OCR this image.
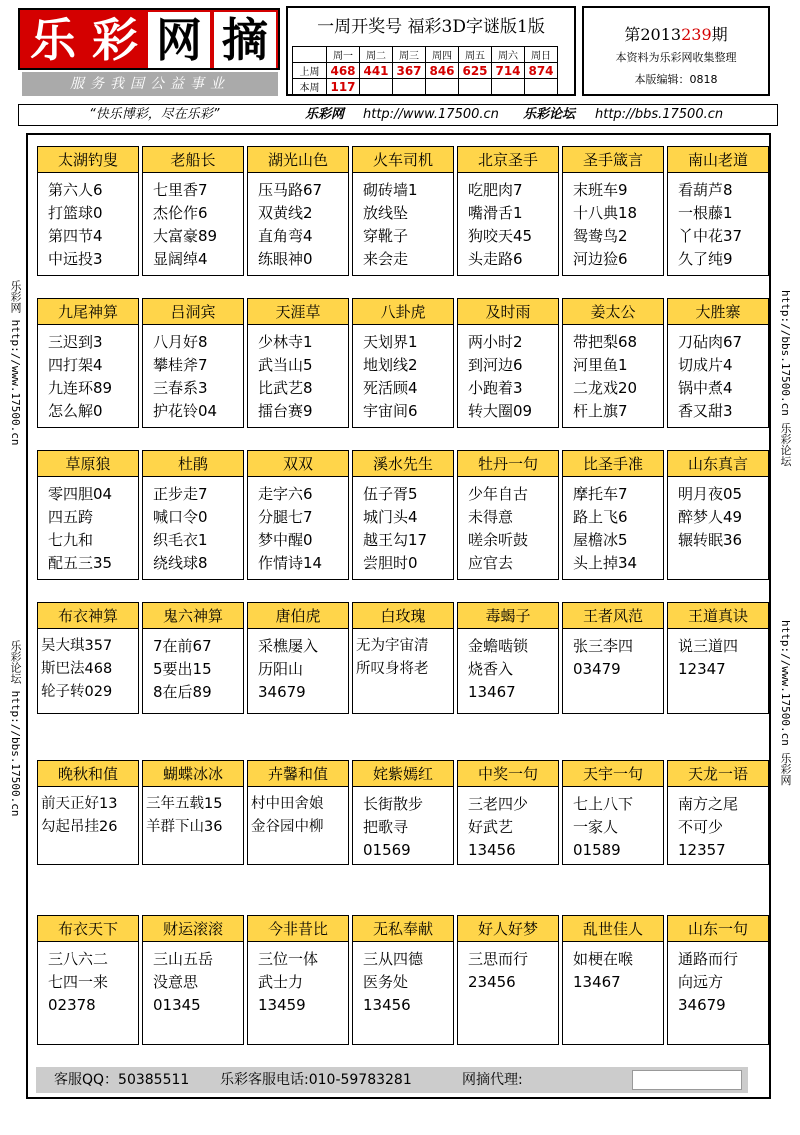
乐 彩 网 摘
服务我国公益事业
一周开奖号 福彩3D字谜版1版
	周一	周二	周三	周四	周五	周六	周日
上周	468	441	367	846	625	714	874
本周	117						
第2013239期
本资料为乐彩网收集整理
本版编辑：0818
“快乐博彩，尽在乐彩”	乐彩网 http://www.17500.cn 乐彩论坛 http://bbs.17500.cn
乐彩网 http://www.17500.cn
乐彩论坛 http://bbs.17500.cn
http://bbs.17500.cn 乐彩论坛
http://www.17500.cn 乐彩网
太湖钓叟
第六人6
打篮球0
第四节4
中远投3
老船长
七里香7
杰伦作6
大富豪89
显阔绰4
湖光山色
压马路67
双黄线2
直角弯4
练眼神0
火车司机
砌砖墙1
放线坠
穿靴子
来会走
北京圣手
吃肥肉7
嘴滑舌1
狗咬天45
头走路6
圣手箴言
末班车9
十八典18
鸳鸯鸟2
河边猃6
南山老道
看葫芦8
一根藤1
丫中花37
久了纯9
九尾神算
三迟到3
四打架4
九连环89
怎么解0
吕洞宾
八月好8
攀桂斧7
三春系3
护花铃04
天涯草
少林寺1
武当山5
比武艺8
擂台赛9
八卦虎
天划界1
地划线2
死活顾4
宇宙间6
及时雨
两小时2
到河边6
小跑着3
转大圈09
姜太公
带把梨68
河里鱼1
二龙戏20
杆上旗7
大胜寨
刀砧肉67
切成片4
锅中煮4
香又甜3
草原狼
零四胆04
四五跨
七九和
配五三35
杜鹃
正步走7
喊口令0
织毛衣1
绕线球8
双双
走字六6
分腿七7
梦中醒0
作情诗14
溪水先生
伍子胥5
城门头4
越王勾17
尝胆时0
牡丹一句
少年自古
未得意
嗟余听鼓
应官去
比圣手准
摩托车7
路上飞6
屋檐冰5
头上掉34
山东真言
明月夜05
醉梦人49
辗转眠36
布衣神算
吴大琪357
斯巴法468
轮子转029
鬼六神算
7在前67
5要出15
8在后89
唐伯虎
采樵屡入
历阳山
34679
白玫瑰
无为宇宙清
所叹身将老
毒蝎子
金蟾啮锁
烧香入
13467
王者风范
张三李四
03479
王道真诀
说三道四
12347
晚秋和值
前天正好13
勾起吊挂26
蝴蝶冰冰
三年五载15
羊群下山36
卉馨和值
村中田舍娘
金谷园中柳
姹紫嫣红
长街散步
把歌寻
01569
中奖一句
三老四少
好武艺
13456
天宇一句
七上八下
一家人
01589
天龙一语
南方之尾
不可少
12357
布衣天下
三八六二
七四一来
02378
财运滚滚
三山五岳
没意思
01345
今非昔比
三位一体
武士力
13459
无私奉献
三从四德
医务处
13456
好人好梦
三思而行
23456
乱世佳人
如梗在喉
13467
山东一句
通路而行
向远方
34679
客服QQ：50385511 乐彩客服电话:010-59783281	网摘代理:
